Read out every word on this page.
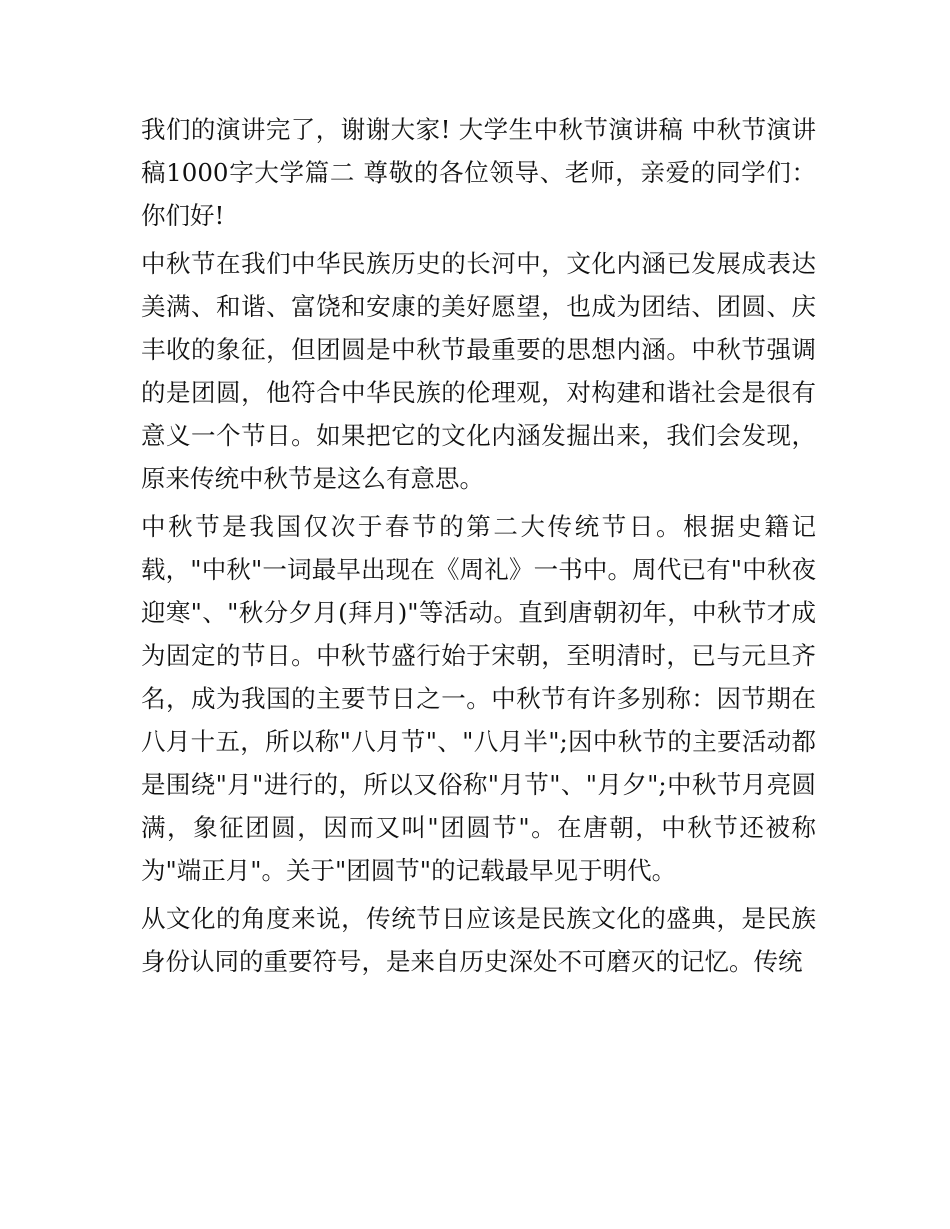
我们的演讲完了，谢谢大家! 大学生中秋节演讲稿 中秋节演讲稿1000字大学篇二 尊敬的各位领导、老师，亲爱的同学们：你们好!

中秋节在我们中华民族历史的长河中，文化内涵已发展成表达美满、和谐、富饶和安康的美好愿望，也成为团结、团圆、庆丰收的象征，但团圆是中秋节最重要的思想内涵。中秋节强调的是团圆，他符合中华民族的伦理观，对构建和谐社会是很有意义一个节日。如果把它的文化内涵发掘出来，我们会发现，原来传统中秋节是这么有意思。

中秋节是我国仅次于春节的第二大传统节日。根据史籍记载，"中秋"一词最早出现在《周礼》一书中。周代已有"中秋夜迎寒"、"秋分夕月(拜月)"等活动。直到唐朝初年，中秋节才成为固定的节日。中秋节盛行始于宋朝，至明清时，已与元旦齐名，成为我国的主要节日之一。中秋节有许多别称：因节期在八月十五，所以称"八月节"、"八月半";因中秋节的主要活动都是围绕"月"进行的，所以又俗称"月节"、"月夕";中秋节月亮圆满，象征团圆，因而又叫"团圆节"。在唐朝，中秋节还被称为"端正月"。关于"团圆节"的记载最早见于明代。

从文化的角度来说，传统节日应该是民族文化的盛典，是民族身份认同的重要符号，是来自历史深处不可磨灭的记忆。传统
